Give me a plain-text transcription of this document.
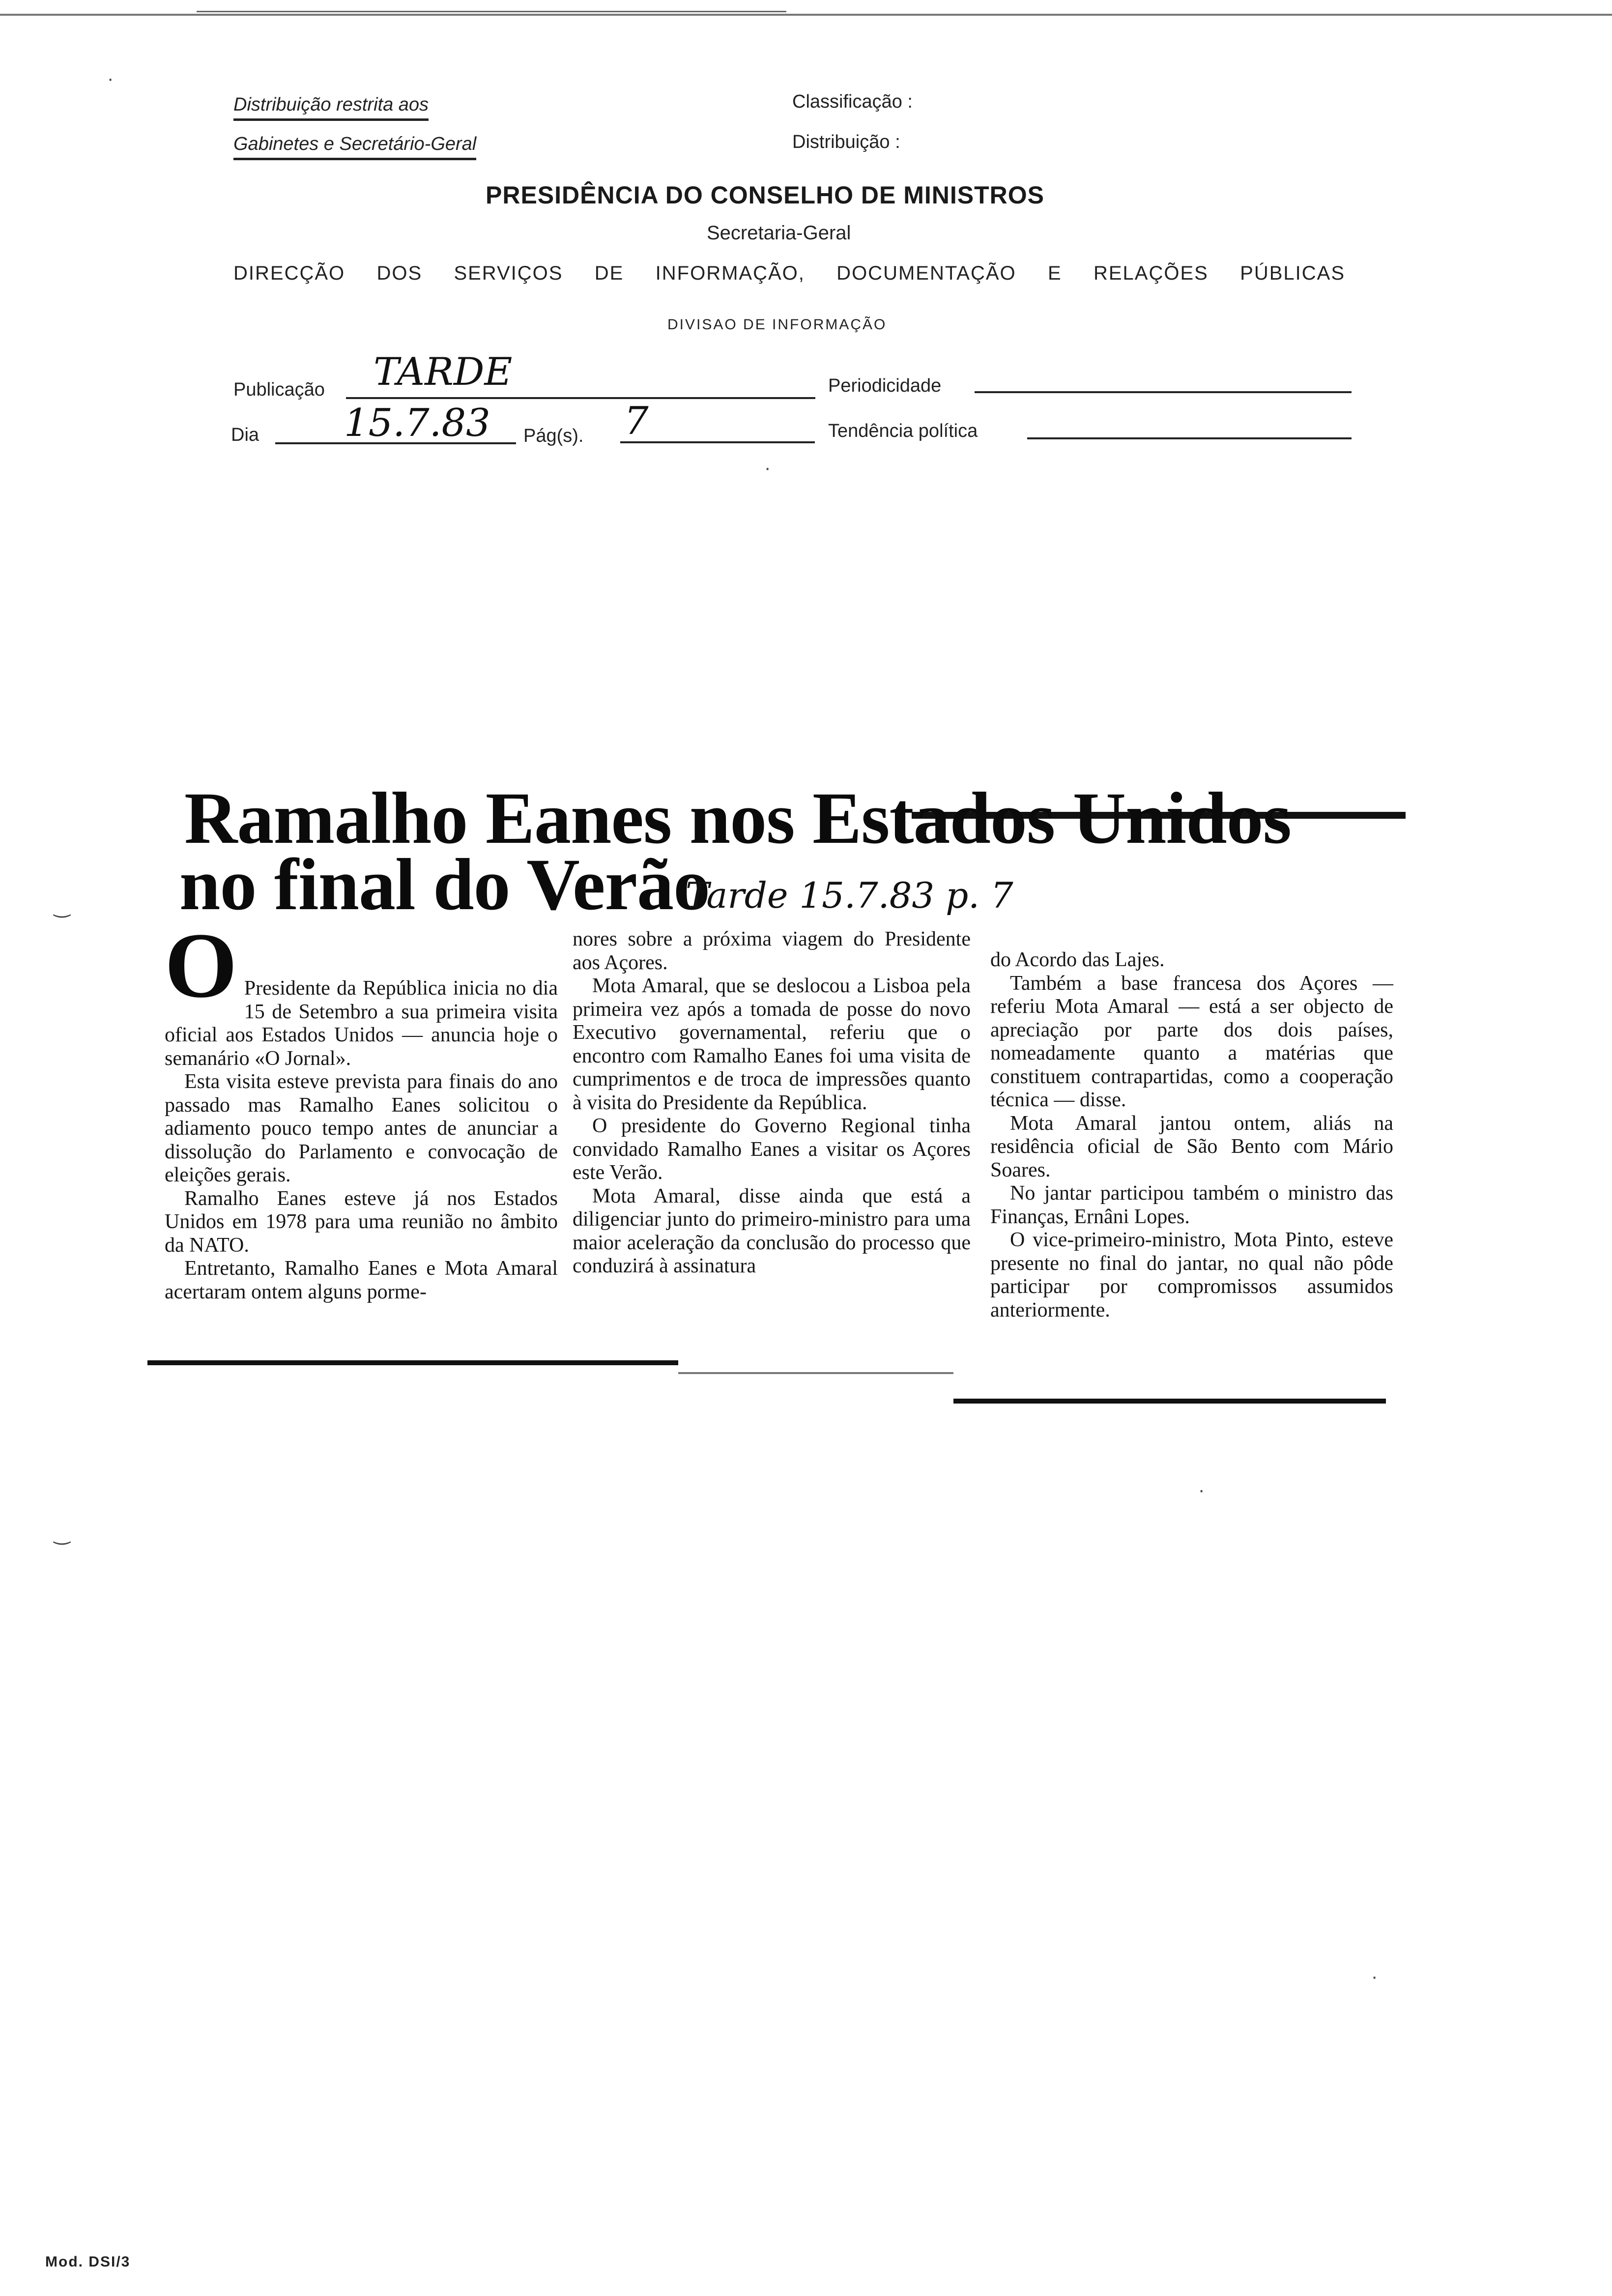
·
Distribuição restrita aos
Gabinetes e Secretário-Geral
Classificação :
Distribuição :
PRESIDÊNCIA DO CONSELHO DE MINISTROS
Secretaria-Geral
DIRECÇÃO DOS SERVIÇOS DE INFORMAÇÃO, DOCUMENTAÇÃO E RELAÇÕES PÚBLICAS
DIVISAO DE INFORMAÇÃO
Publicação TARDE	Periodicidade
Dia 15.7.83 Pág(s). 7	Tendência política
·
Ramalho Eanes nos Estados Unidos
no final do Verão
Tarde 15.7.83 p. 7
O Presidente da República inicia no dia 15 de Setembro a sua primeira visita oficial aos Estados Unidos — anuncia hoje o semanário «O Jornal».

Esta visita esteve prevista para finais do ano passado mas Ramalho Eanes solicitou o adiamento pouco tempo antes de anunciar a dissolução do Parlamento e convocação de eleições gerais.

Ramalho Eanes esteve já nos Estados Unidos em 1978 para uma reunião no âmbito da NATO.

Entretanto, Ramalho Eanes e Mota Amaral acertaram ontem alguns porme-

nores sobre a próxima viagem do Presidente aos Açores.

Mota Amaral, que se deslocou a Lisboa pela primeira vez após a tomada de posse do novo Executivo governamental, referiu que o encontro com Ramalho Eanes foi uma visita de cumprimentos e de troca de impressões quanto à visita do Presidente da República.

O presidente do Governo Regional tinha convidado Ramalho Eanes a visitar os Açores este Verão.

Mota Amaral, disse ainda que está a diligenciar junto do primeiro-ministro para uma maior aceleração da conclusão do processo que conduzirá à assinatura

do Acordo das Lajes.

Também a base francesa dos Açores — referiu Mota Amaral — está a ser objecto de apreciação por parte dos dois países, nomeadamente quanto a matérias que constituem contrapartidas, como a cooperação técnica — disse.

Mota Amaral jantou ontem, aliás na residência oficial de São Bento com Mário Soares.

No jantar participou também o ministro das Finanças, Ernâni Lopes.

O vice-primeiro-ministro, Mota Pinto, esteve presente no final do jantar, no qual não pôde participar por compromissos assumidos anteriormente.

‿
‿
·
·
Mod. DSI/3
